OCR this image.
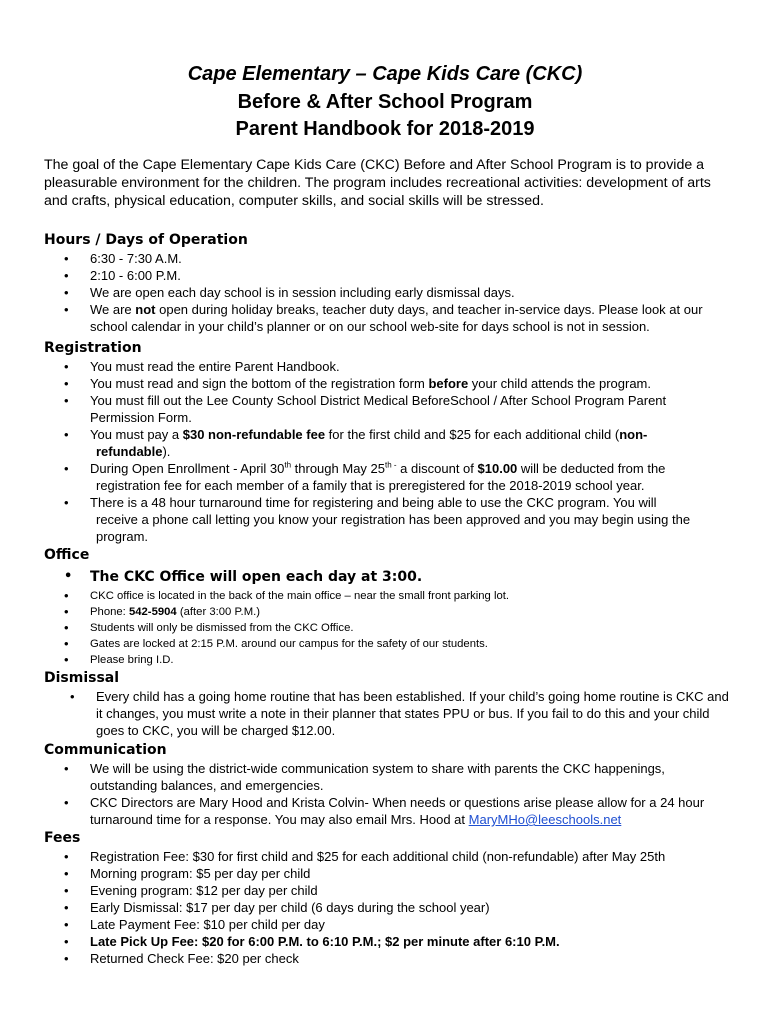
Cape Elementary – Cape Kids Care (CKC)
Before & After School Program
Parent Handbook for 2018-2019
The goal of the Cape Elementary Cape Kids Care (CKC) Before and After School Program is to provide a pleasurable environment for the children. The program includes recreational activities: development of arts and crafts, physical education, computer skills, and social skills will be stressed.
Hours / Days of Operation
• 6:30 - 7:30 A.M.
• 2:10 - 6:00 P.M.
• We are open each day school is in session including early dismissal days.
• We are not open during holiday breaks, teacher duty days, and teacher in-service days. Please look at our school calendar in your child’s planner or on our school web-site for days school is not in session.
Registration
• You must read the entire Parent Handbook.
• You must read and sign the bottom of the registration form before your child attends the program.
• You must fill out the Lee County School District Medical BeforeSchool / After School Program Parent Permission Form.
• You must pay a $30 non-refundable fee for the first child and $25 for each additional child (non-
refundable).
• During Open Enrollment - April 30th through May $25^{th -}$ a discount of $10.00 will be deducted from the
registration fee for each member of a family that is preregistered for the 2018-2019 school year.
• There is a 48 hour turnaround time for registering and being able to use the CKC program. You will
receive a phone call letting you know your registration has been approved and you may begin using the program.
Office
• The CKC Office will open each day at 3:00.
• CKC office is located in the back of the main office – near the small front parking lot.
• Phone: 542-5904 (after 3:00 P.M.)
• Students will only be dismissed from the CKC Office.
• Gates are locked at 2:15 P.M. around our campus for the safety of our students.
• Please bring I.D.
Dismissal
• Every child has a going home routine that has been established. If your child’s going home routine is CKC and it changes, you must write a note in their planner that states PPU or bus. If you fail to do this and your child goes to CKC, you will be charged $12.00.
Communication
• We will be using the district-wide communication system to share with parents the CKC happenings, outstanding balances, and emergencies.
• CKC Directors are Mary Hood and Krista Colvin- When needs or questions arise please allow for a 24 hour turnaround time for a response. You may also email Mrs. Hood at MaryMHo@leeschools.net
Fees
• Registration Fee: $30 for first child and $25 for each additional child (non-refundable) after May 25th
• Morning program: $5 per day per child
• Evening program: $12 per day per child
• Early Dismissal: $17 per day per child (6 days during the school year)
• Late Payment Fee: $10 per child per day
• Late Pick Up Fee: $20 for 6:00 P.M. to 6:10 P.M.; $2 per minute after 6:10 P.M.
• Returned Check Fee: $20 per check
